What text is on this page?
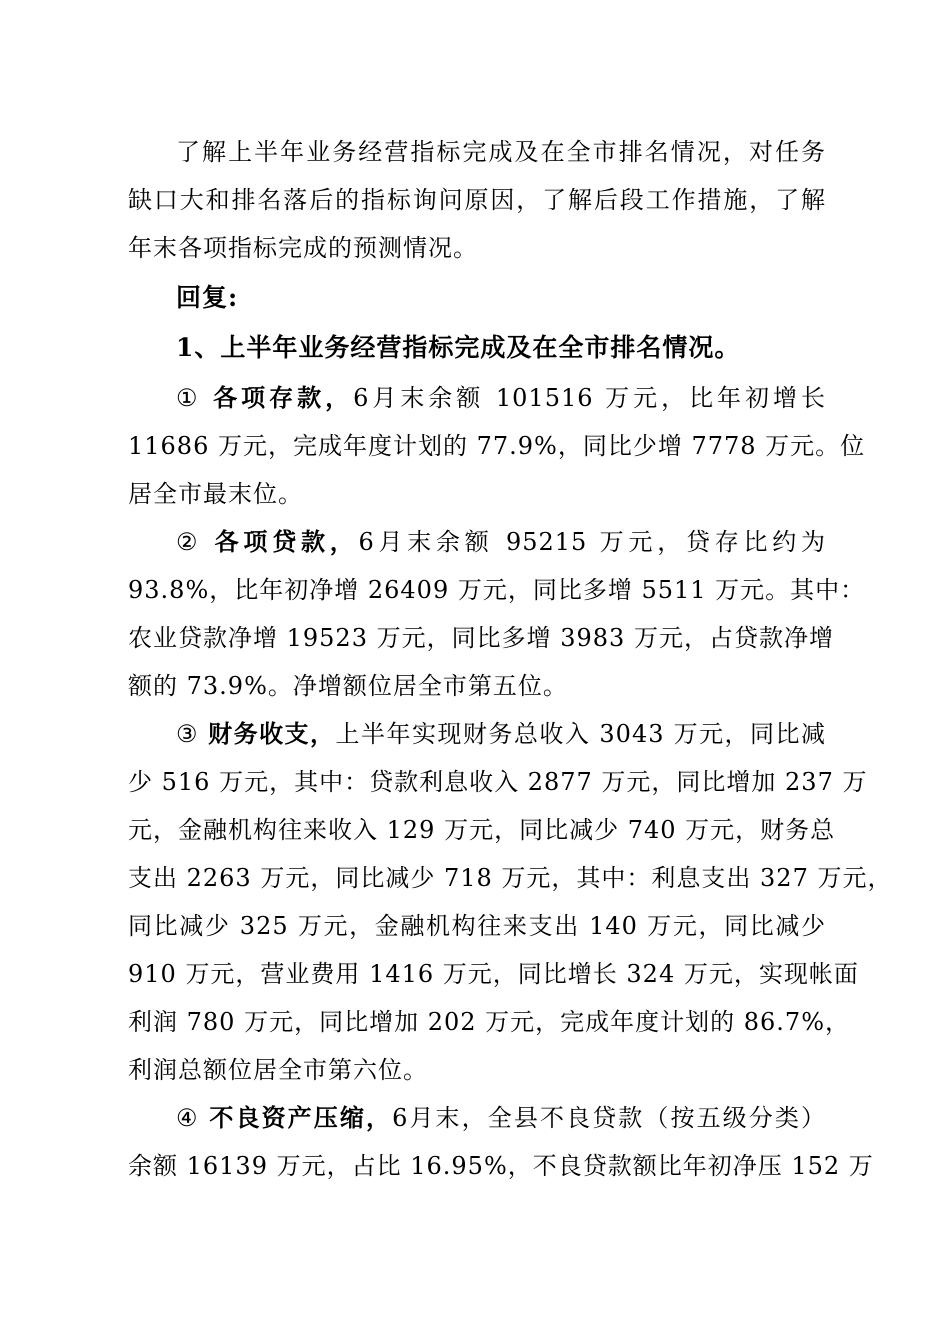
了解上半年业务经营指标完成及在全市排名情况，对任务
缺口大和排名落后的指标询问原因，了解后段工作措施，了解
年末各项指标完成的预测情况。
回复:
1、上半年业务经营指标完成及在全市排名情况。
① 各项存款，6月末余额 101516 万元，比年初增长
11686 万元，完成年度计划的 77.9%，同比少增 7778 万元。位
居全市最末位。
② 各项贷款，6月末余额 95215 万元，贷存比约为
93.8%，比年初净增 26409 万元，同比多增 5511 万元。其中：
农业贷款净增 19523 万元，同比多增 3983 万元，占贷款净增
额的 73.9%。净增额位居全市第五位。
③ 财务收支，上半年实现财务总收入 3043 万元，同比减
少 516 万元，其中：贷款利息收入 2877 万元，同比增加 237 万
元，金融机构往来收入 129 万元，同比减少 740 万元，财务总
支出 2263 万元，同比减少 718 万元，其中：利息支出 327 万元，
同比减少 325 万元，金融机构往来支出 140 万元，同比减少
910 万元，营业费用 1416 万元，同比增长 324 万元，实现帐面
利润 780 万元，同比增加 202 万元，完成年度计划的 86.7%，
利润总额位居全市第六位。
④ 不良资产压缩，6月末，全县不良贷款（按五级分类）
余额 16139 万元，占比 16.95%，不良贷款额比年初净压 152 万
